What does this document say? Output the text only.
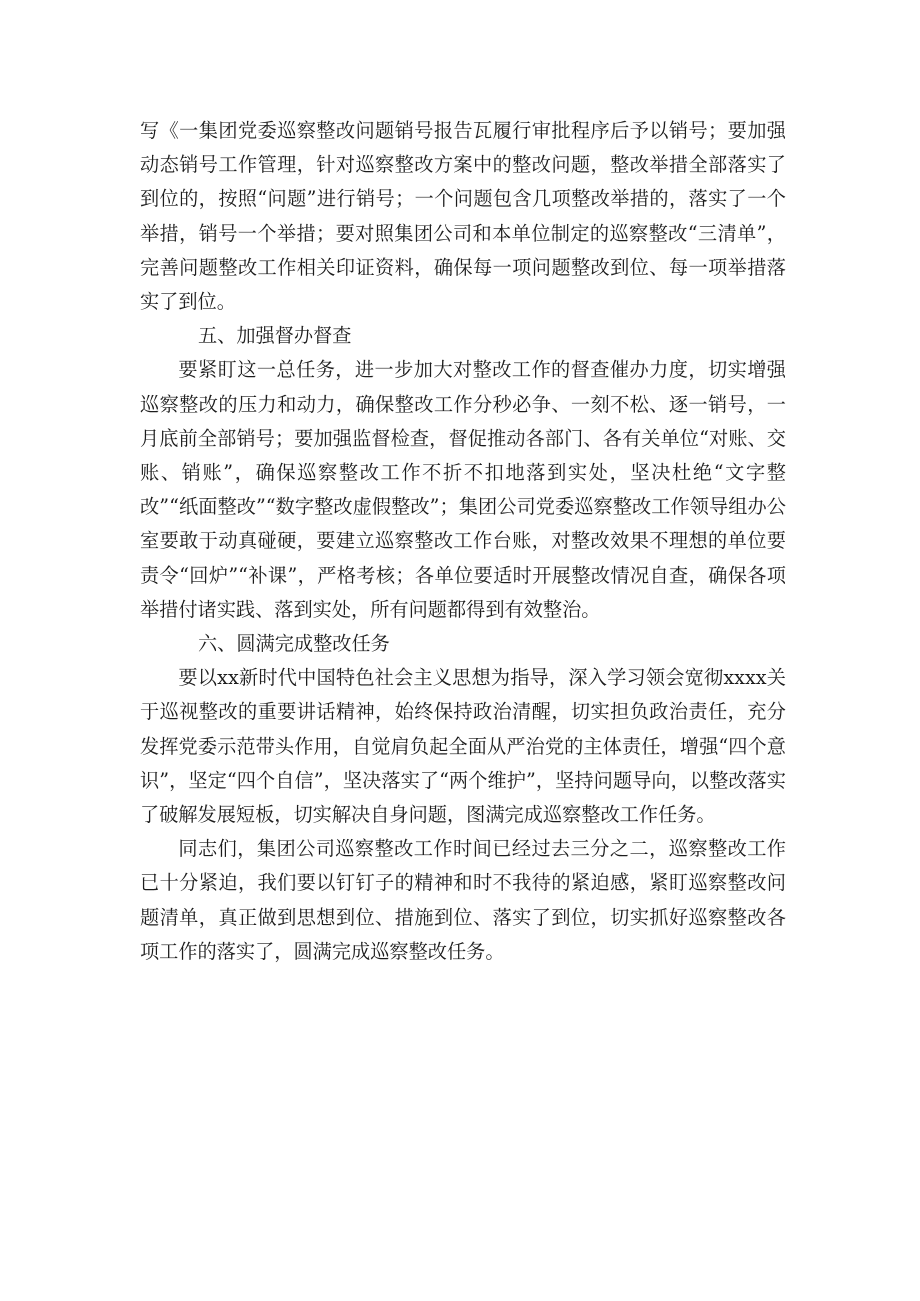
写《一集团党委巡察整改问题销号报告瓦履行审批程序后予以销号；要加强动态销号工作管理，针对巡察整改方案中的整改问题，整改举措全部落实了到位的，按照“问题”进行销号；一个问题包含几项整改举措的，落实了一个举措，销号一个举措；要对照集团公司和本单位制定的巡察整改“三清单”，完善问题整改工作相关印证资料，确保每一项问题整改到位、每一项举措落实了到位。

五、加强督办督查

要紧盯这一总任务，进一步加大对整改工作的督查催办力度，切实增强巡察整改的压力和动力，确保整改工作分秒必争、一刻不松、逐一销号，一月底前全部销号；要加强监督检查，督促推动各部门、各有关单位“对账、交账、销账”，确保巡察整改工作不折不扣地落到实处，坚决杜绝“文字整改”“纸面整改”“数字整改虚假整改”；集团公司党委巡察整改工作领导组办公室要敢于动真碰硬，要建立巡察整改工作台账，对整改效果不理想的单位要责令“回炉”“补课”，严格考核；各单位要适时开展整改情况自查，确保各项举措付诸实践、落到实处，所有问题都得到有效整治。

六、圆满完成整改任务

要以xx新时代中国特色社会主义思想为指导，深入学习领会宽彻xxxx关于巡视整改的重要讲话精神，始终保持政治清醒，切实担负政治责任，充分发挥党委示范带头作用，自觉肩负起全面从严治党的主体责任，增强“四个意识”，坚定“四个自信”，坚决落实了“两个维护”，坚持问题导向，以整改落实了破解发展短板，切实解决自身问题，图满完成巡察整改工作任务。

同志们，集团公司巡察整改工作时间已经过去三分之二，巡察整改工作已十分紧迫，我们要以钉钉子的精神和时不我待的紧迫感，紧盯巡察整改问题清单，真正做到思想到位、措施到位、落实了到位，切实抓好巡察整改各项工作的落实了，圆满完成巡察整改任务。
